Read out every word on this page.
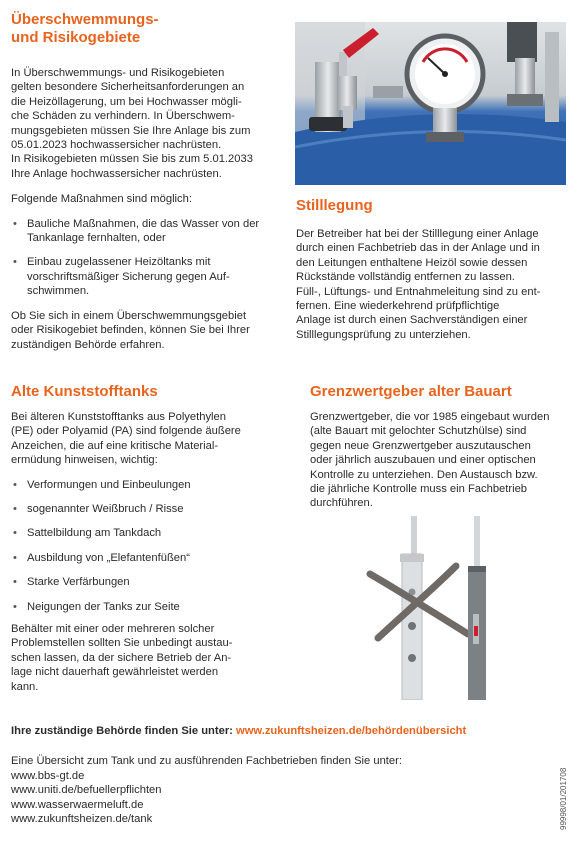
Überschwemmungs-
und Risikogebiete
In Überschwemmungs- und Risikogebieten
gelten besondere Sicherheitsanforderungen an
die Heizöllagerung, um bei Hochwasser mögli-
che Schäden zu verhindern. In Überschwem-
mungsgebieten müssen Sie Ihre Anlage bis zum
05.01.2023 hochwassersicher nachrüsten.
In Risikogebieten müssen Sie bis zum 5.01.2033
Ihre Anlage hochwassersicher nachrüsten.

Folgende Maßnahmen sind möglich:

• Bauliche Maßnahmen, die das Wasser von der
Tankanlage fernhalten, oder
• Einbau zugelassener Heizöltanks mit
vorschriftsmäßiger Sicherung gegen Auf-
schwimmen.
Ob Sie sich in einem Überschwemmungsgebiet
oder Risikogebiet befinden, können Sie bei Ihrer
zuständigen Behörde erfahren.
Stilllegung
Der Betreiber hat bei der Stilllegung einer Anlage
durch einen Fachbetrieb das in der Anlage und in
den Leitungen enthaltene Heizöl sowie dessen
Rückstände vollständig entfernen zu lassen.
Füll-, Lüftungs- und Entnahmeleitung sind zu ent-
fernen. Eine wiederkehrend prüfpflichtige
Anlage ist durch einen Sachverständigen einer
Stilllegungsprüfung zu unterziehen.
Alte Kunststofftanks
Bei älteren Kunststofftanks aus Polyethylen
(PE) oder Polyamid (PA) sind folgende äußere
Anzeichen, die auf eine kritische Material-
ermüdung hinweisen, wichtig:
• Verformungen und Einbeulungen
• sogenannter Weißbruch / Risse
• Sattelbildung am Tankdach
• Ausbildung von „Elefantenfüßen“
• Starke Verfärbungen
• Neigungen der Tanks zur Seite
Behälter mit einer oder mehreren solcher
Problemstellen sollten Sie unbedingt austau-
schen lassen, da der sichere Betrieb der An-
lage nicht dauerhaft gewährleistet werden
kann.
Grenzwertgeber alter Bauart
Grenzwertgeber, die vor 1985 eingebaut wurden
(alte Bauart mit gelochter Schutzhülse) sind
gegen neue Grenzwertgeber auszutauschen
oder jährlich auszubauen und einer optischen
Kontrolle zu unterziehen. Den Austausch bzw.
die jährliche Kontrolle muss ein Fachbetrieb
durchführen.

Ihre zuständige Behörde finden Sie unter: www.zukunftsheizen.de/behördenübersicht

Eine Übersicht zum Tank und zu ausführenden Fachbetrieben finden Sie unter:

www.bbs-gt.de
www.uniti.de/befuellerpflichten
www.wasserwaermeluft.de
www.zukunftsheizen.de/tank	99998/01/201708
